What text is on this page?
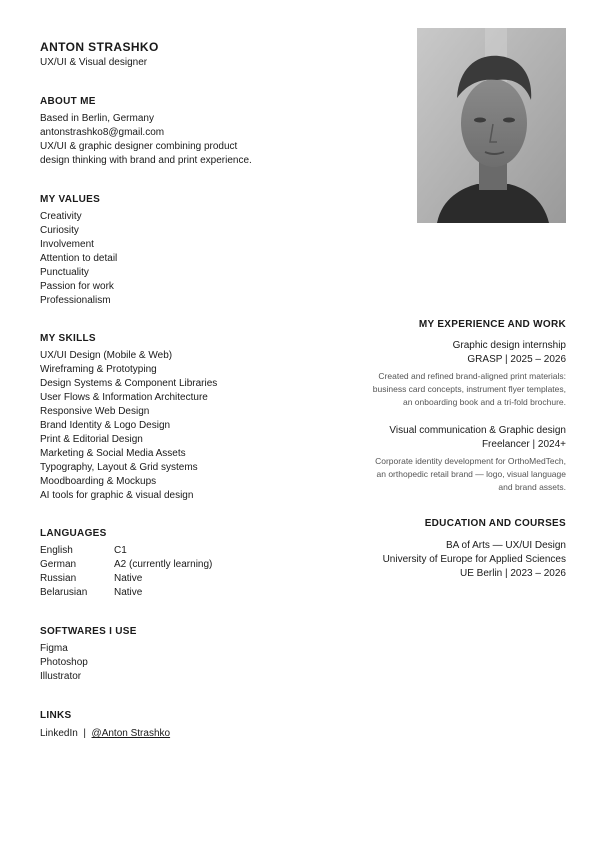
ANTON STRASHKO
UX/UI & Visual designer
ABOUT ME
Based in Berlin, Germany
antonstrashko8@gmail.com
UX/UI & graphic designer combining product
design thinking with brand and print experience.
MY VALUES
Creativity
Curiosity
Involvement
Attention to detail
Punctuality
Passion for work
Professionalism
MY SKILLS
UX/UI Design (Mobile & Web)
Wireframing & Prototyping
Design Systems & Component Libraries
User Flows & Information Architecture
Responsive Web Design
Brand Identity & Logo Design
Print & Editorial Design
Marketing & Social Media Assets
Typography, Layout & Grid systems
Moodboarding & Mockups
AI tools for graphic & visual design
LANGUAGES
English	C1
German	A2 (currently learning)
Russian	Native
Belarusian	Native
SOFTWARES I USE
Figma
Photoshop
Illustrator
LINKS
LinkedIn | @Anton Strashko
MY EXPERIENCE AND WORK
Graphic design internship
GRASP | 2025 – 2026
Created and refined brand-aligned print materials:
business card concepts, instrument flyer templates,
an onboarding book and a tri-fold brochure.
Visual communication & Graphic design
Freelancer | 2024+
Corporate identity development for OrthoMedTech,
an orthopedic retail brand — logo, visual language
and brand assets.
EDUCATION AND COURSES
BA of Arts — UX/UI Design
University of Europe for Applied Sciences
UE Berlin | 2023 – 2026
